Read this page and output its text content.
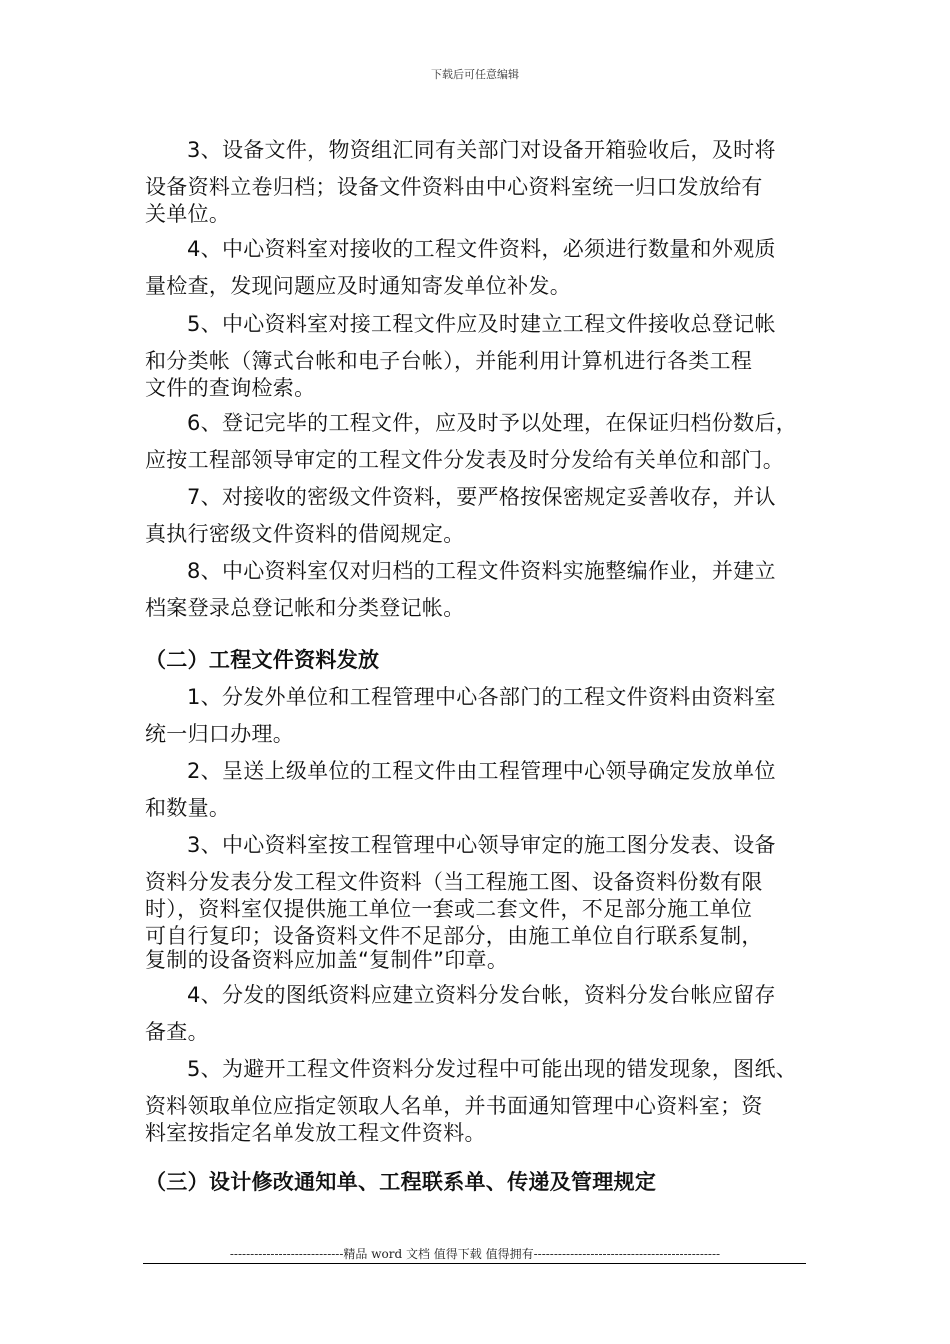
下载后可任意编辑
3、设备文件，物资组汇同有关部门对设备开箱验收后，及时将
设备资料立卷归档；设备文件资料由中心资料室统一归口发放给有
关单位。
4、中心资料室对接收的工程文件资料，必须进行数量和外观质
量检查，发现问题应及时通知寄发单位补发。
5、中心资料室对接工程文件应及时建立工程文件接收总登记帐
和分类帐（簿式台帐和电子台帐），并能利用计算机进行各类工程
文件的查询检索。
6、登记完毕的工程文件，应及时予以处理，在保证归档份数后，
应按工程部领导审定的工程文件分发表及时分发给有关单位和部门。
7、对接收的密级文件资料，要严格按保密规定妥善收存，并认
真执行密级文件资料的借阅规定。
8、中心资料室仅对归档的工程文件资料实施整编作业，并建立
档案登录总登记帐和分类登记帐。
（二）工程文件资料发放
1、分发外单位和工程管理中心各部门的工程文件资料由资料室
统一归口办理。
2、呈送上级单位的工程文件由工程管理中心领导确定发放单位
和数量。
3、中心资料室按工程管理中心领导审定的施工图分发表、设备
资料分发表分发工程文件资料（当工程施工图、设备资料份数有限
时），资料室仅提供施工单位一套或二套文件，不足部分施工单位
可自行复印；设备资料文件不足部分，由施工单位自行联系复制，
复制的设备资料应加盖“复制件”印章。
4、分发的图纸资料应建立资料分发台帐，资料分发台帐应留存
备查。
5、为避开工程文件资料分发过程中可能出现的错发现象，图纸、
资料领取单位应指定领取人名单，并书面通知管理中心资料室；资
料室按指定名单发放工程文件资料。
（三）设计修改通知单、工程联系单、传递及管理规定
----------------------------精品 word 文档 值得下载 值得拥有----------------------------------------------
